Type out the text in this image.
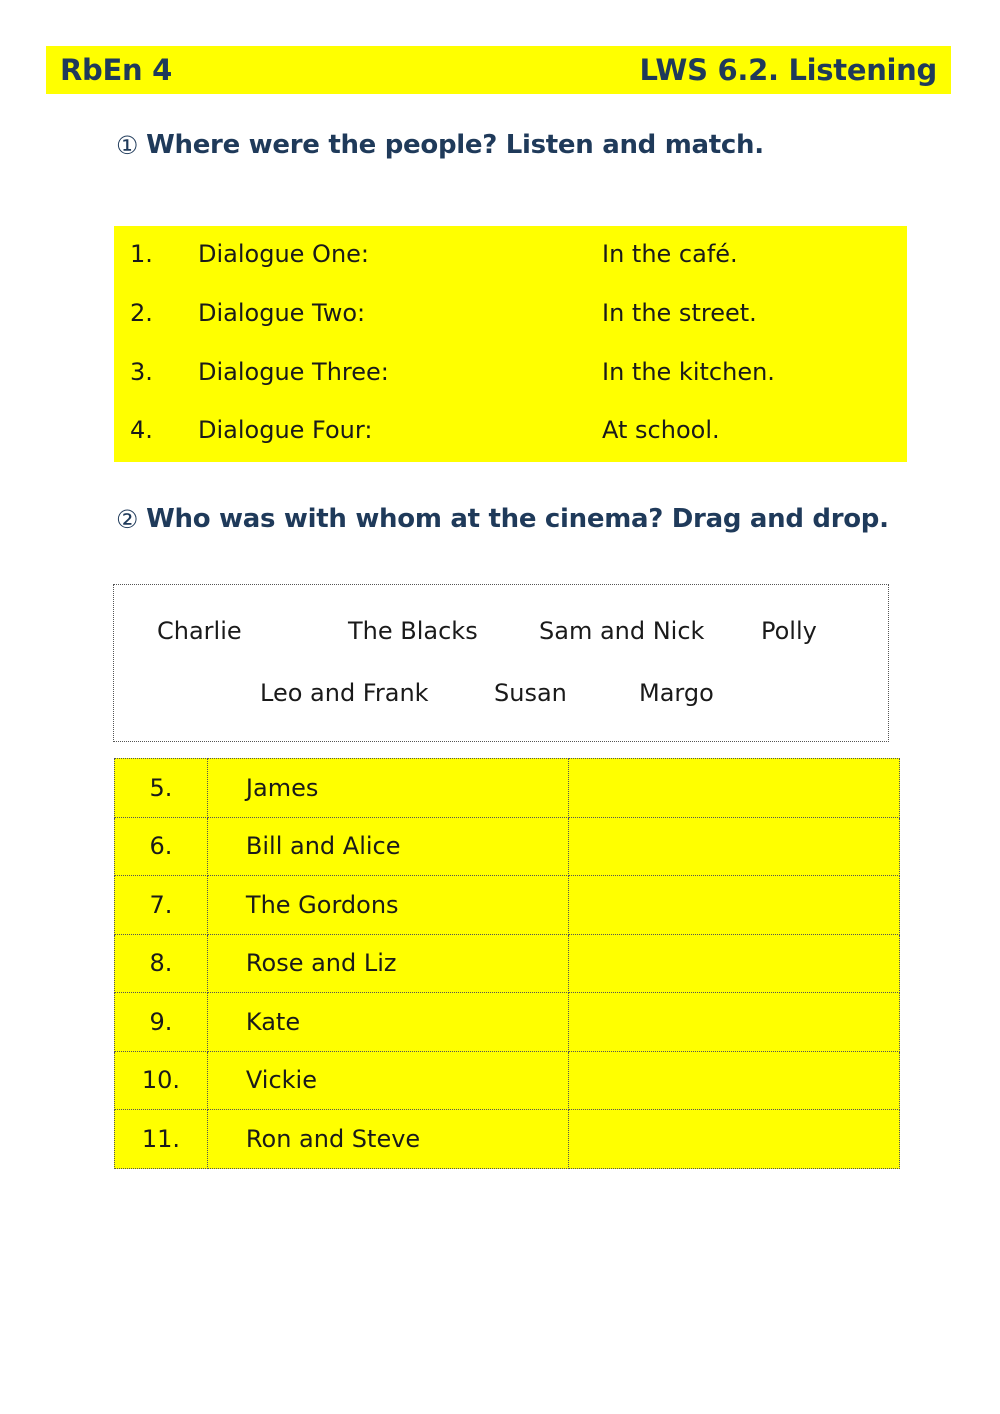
RbEn 4	LWS 6.2. Listening
① Where were the people? Listen and match.
1. Dialogue One:	In the café.
2. Dialogue Two:	In the street.
3. Dialogue Three:	In the kitchen.
4. Dialogue Four:	At school.
② Who was with whom at the cinema? Drag and drop.
Charlie	The Blacks	Sam and Nick Polly
Leo and Frank	Susan	Margo
5.	James	
6.	Bill and Alice	
7.	The Gordons	
8.	Rose and Liz	
9.	Kate	
10.	Vickie	
11.	Ron and Steve	
